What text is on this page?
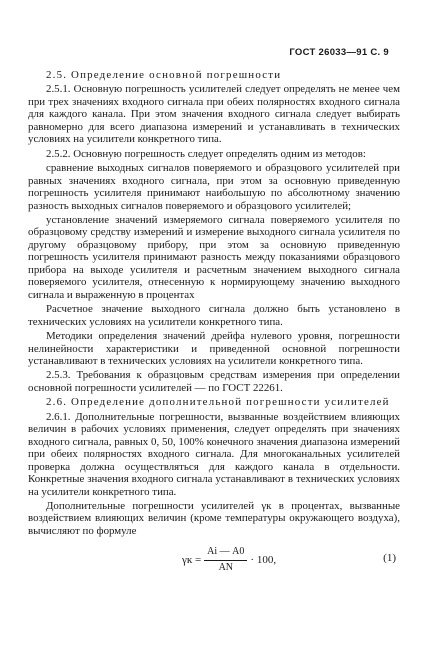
ГОСТ 26033—91 С. 9

2.5. Определение основной погрешности

2.5.1. Основную погрешность усилителей следует определять не менее чем при трех значениях входного сигнала при обеих полярностях входного сигнала для каждого канала. При этом значения входного сигнала следует выбирать равномерно для всего диапазона измерений и устанавливать в технических условиях на усилители конкретного типа.

2.5.2. Основную погрешность следует определять одним из методов:

сравнение выходных сигналов поверяемого и образцового усилителей при равных значениях входного сигнала, при этом за основную приведенную погрешность усилителя принимают наибольшую по абсолютному значению разность выходных сигналов поверяемого и образцового усилителей;

установление значений измеряемого сигнала поверяемого усилителя по образцовому средству измерений и измерение выходного сигнала усилителя по другому образцовому прибору, при этом за основную приведенную погрешность усилителя принимают разность между показаниями образцового прибора на выходе усилителя и расчетным значением выходного сигнала поверяемого усилителя, отнесенную к нормирующему значению выходного сигнала и выраженную в процентах

Расчетное значение выходного сигнала должно быть установлено в технических условиях на усилители конкретного типа.

Методики определения значений дрейфа нулевого уровня, погрешности нелинейности характеристики и приведенной основной погрешности устанавливают в технических условиях на усилители конкретного типа.

2.5.3. Требования к образцовым средствам измерения при определении основной погрешности усилителей — по ГОСТ 22261.

2.6. Определение дополнительной погрешности усилителей

2.6.1. Дополнительные погрешности, вызванные воздействием влияющих величин в рабочих условиях применения, следует определять при значениях входного сигнала, равных 0, 50, 100% конечного значения диапазона измерений при обеих полярностях входного сигнала. Для многоканальных усилителей проверка должна осуществляться для каждого канала в отдельности. Конкретные значения входного сигнала устанавливают в технических условиях на усилители конкретного типа.

Дополнительные погрешности усилителей γк в процентах, вызванные воздействием влияющих величин (кроме температуры окружающего воздуха), вычисляют по формуле

$\gamma к = \frac{Aі — A0}{AN} \cdot 100$,	(1)
